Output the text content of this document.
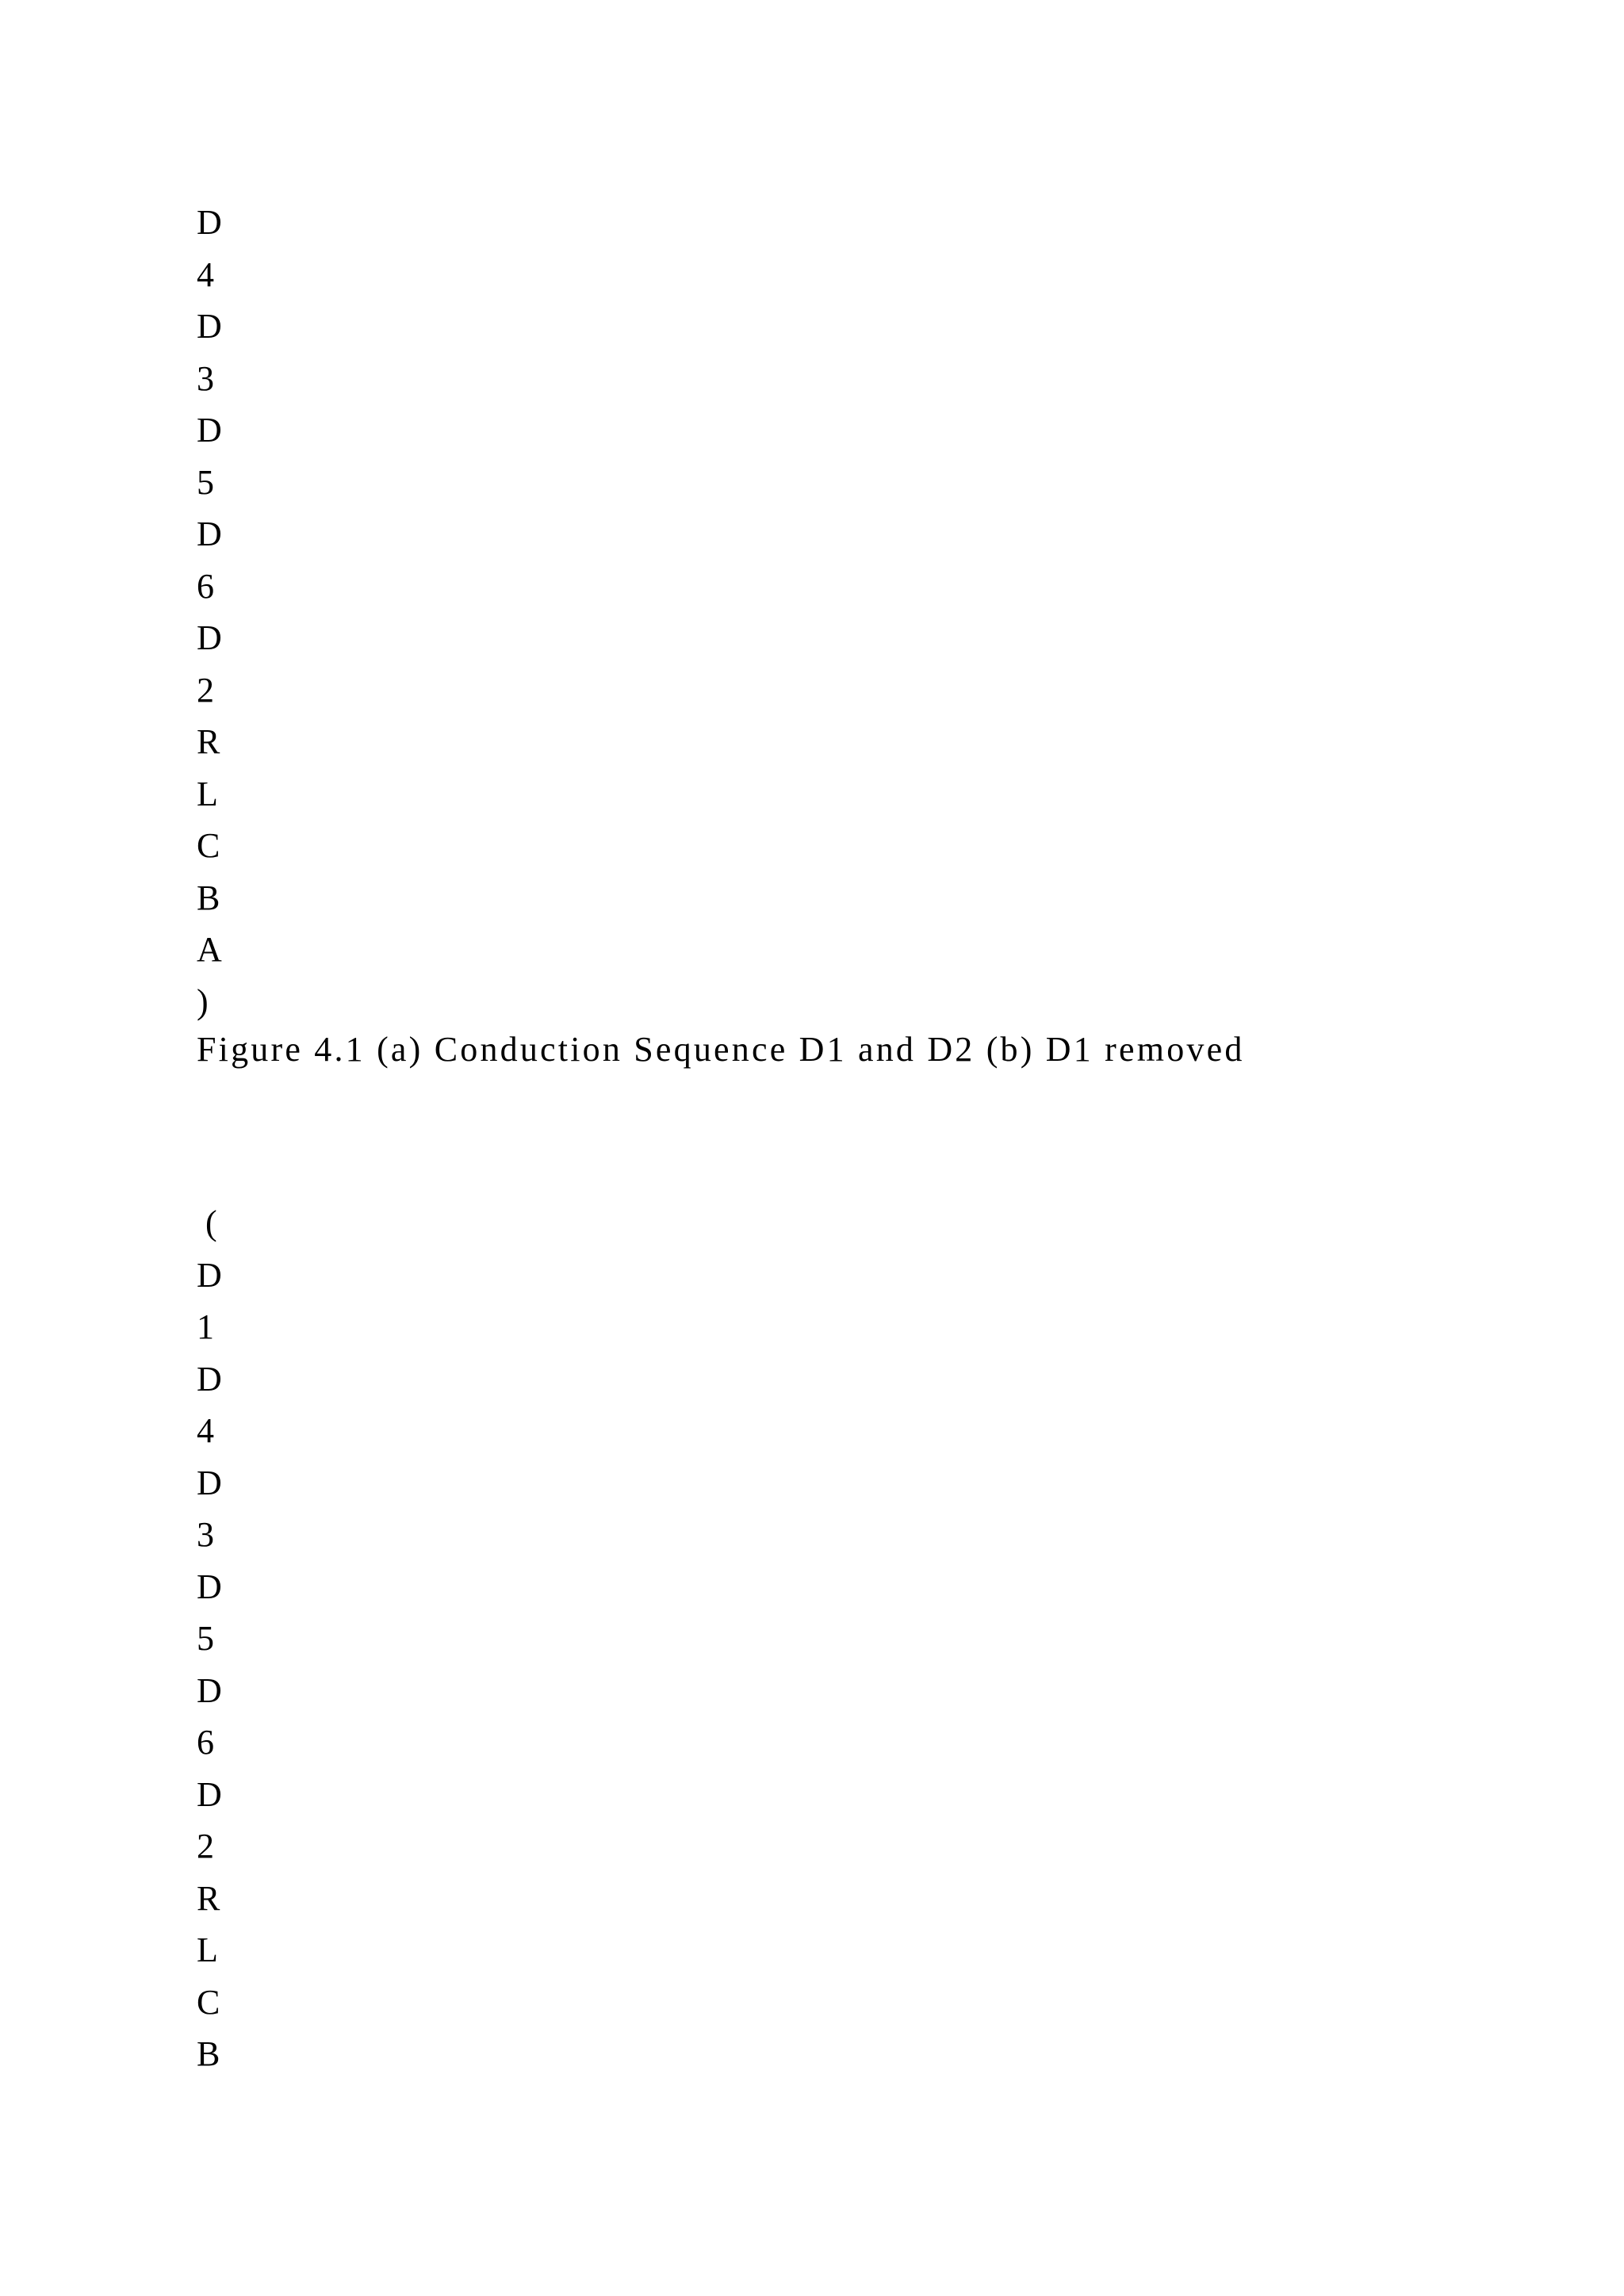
D
4
D
3
D
5
D
6
D
2
R
L
C
B
A
)

Figure 4.1 (a) Conduction Sequence D1 and D2 (b) D1 removed

(
D
1
D
4
D
3
D
5
D
6
D
2
R
L
C
B
